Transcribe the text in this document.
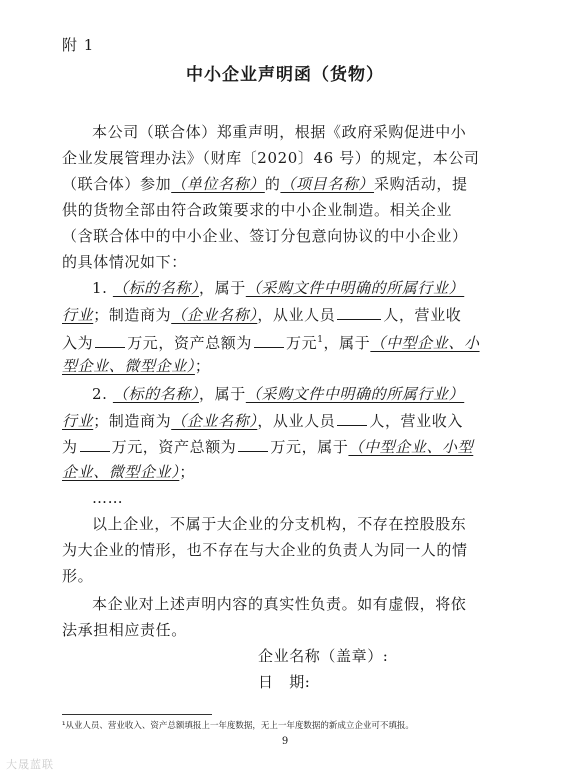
附 1
中小企业声明函（货物）
本公司（联合体）郑重声明，根据《政府采购促进中小
企业发展管理办法》（财库〔2020〕46 号）的规定，本公司
（联合体）参加（单位名称）的（项目名称）采购活动，提
供的货物全部由符合政策要求的中小企业制造。相关企业
（含联合体中的中小企业、签订分包意向协议的中小企业）
的具体情况如下：
1. （标的名称），属于（采购文件中明确的所属行业）
行业；制造商为（企业名称），从业人员	人，营业收
入为 万元，资产总额为 万元$^1$，属于（中型企业、小
型企业、微型企业）；
2. （标的名称），属于（采购文件中明确的所属行业）
行业；制造商为（企业名称），从业人员 人，营业收入
为 万元，资产总额为 万元，属于（中型企业、小型
企业、微型企业）；
……
以上企业，不属于大企业的分支机构，不存在控股股东
为大企业的情形，也不存在与大企业的负责人为同一人的情
形。
本企业对上述声明内容的真实性负责。如有虚假，将依
法承担相应责任。
企业名称（盖章）:
日　期:
¹从业人员、营业收入、资产总额填报上一年度数据，无上一年度数据的新成立企业可不填报。
9
大晟蓝联
